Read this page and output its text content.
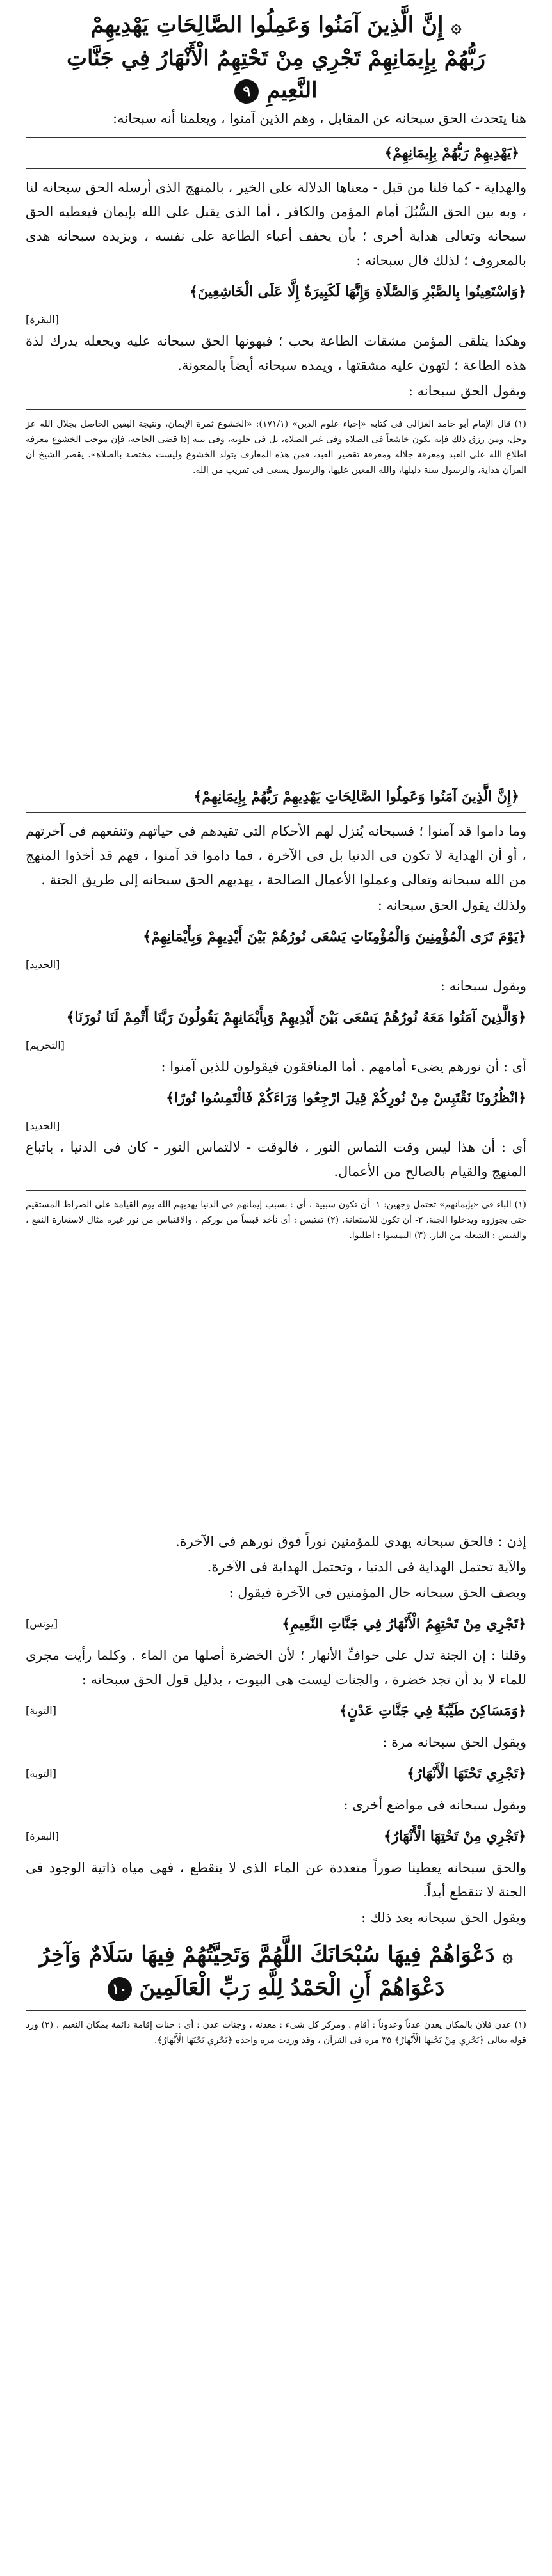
۞ إِنَّ الَّذِينَ آمَنُوا وَعَمِلُوا الصَّالِحَاتِ يَهْدِيهِمْ
رَبُّهُمْ بِإِيمَانِهِمْ تَجْرِي مِنْ تَحْتِهِمُ الْأَنْهَارُ فِي جَنَّاتِ
النَّعِيمِ ٩

هنا يتحدث الحق سبحانه عن المقابل ، وهم الذين آمنوا ، ويعلمنا أنه سبحانه:

﴿يَهْدِيهِمْ رَبُّهُمْ بِإِيمَانِهِمْ﴾

والهداية - كما قلنا من قبل - معناها الدلالة على الخير ، بالمنهج الذى أرسله الحق سبحانه لنا ، وبه بين الحق السُّبُلَ أمام المؤمن والكافر ، أما الذى يقبل على الله بإيمان فيعطيه الحق سبحانه وتعالى هداية أخرى ؛ بأن يخفف أعباء الطاعة على نفسه ، ويزيده سبحانه هدى بالمعروف ؛ لذلك قال سبحانه :

﴿وَاسْتَعِينُوا بِالصَّبْرِ وَالصَّلَاةِ وَإِنَّهَا لَكَبِيرَةٌ إِلَّا عَلَى الْخَاشِعِينَ﴾
[البقرة]

وهكذا يتلقى المؤمن مشقات الطاعة بحب ؛ فيهونها الحق سبحانه عليه ويجعله يدرك لذة هذه الطاعة ؛ لتهون عليه مشقتها ، ويمده سبحانه أيضاً بالمعونة.

ويقول الحق سبحانه :

(١) قال الإمام أبو حامد الغزالى فى كتابه «إحياء علوم الدين» (١٧١/١): «الخشوع ثمرة الإيمان، ونتيجة اليقين الحاصل بجلال الله عز وجل، ومن رزق ذلك فإنه يكون خاشعاً فى الصلاة وفى غير الصلاة، بل فى خلوته، وفى بيته إذا قضى الحاجة، فإن موجب الخشوع معرفة اطلاع الله على العبد ومعرفة جلاله ومعرفة تقصير العبد، فمن هذه المعارف يتولد الخشوع وليست مختصة بالصلاة». يقصر الشيخ أن القرآن هداية، والرسول سنة دليلها، والله المعين عليها، والرسول يسعى فى تقريب من الله.

﴿إِنَّ الَّذِينَ آمَنُوا وَعَمِلُوا الصَّالِحَاتِ يَهْدِيهِمْ رَبُّهُمْ بِإِيمَانِهِمْ﴾

وما داموا قد آمنوا ؛ فسبحانه يُنزل لهم الأحكام التى تقيدهم فى حياتهم وتنفعهم فى آخرتهم ، أو أن الهداية لا تكون فى الدنيا بل فى الآخرة ، فما داموا قد آمنوا ، فهم قد أخذوا المنهج من الله سبحانه وتعالى وعملوا الأعمال الصالحة ، يهديهم الحق سبحانه إلى طريق الجنة .

ولذلك يقول الحق سبحانه :

﴿يَوْمَ تَرَى الْمُؤْمِنِينَ وَالْمُؤْمِنَاتِ يَسْعَى نُورُهُمْ بَيْنَ أَيْدِيهِمْ وَبِأَيْمَانِهِمْ﴾
[الحديد]

ويقول سبحانه :

﴿وَالَّذِينَ آمَنُوا مَعَهُ نُورُهُمْ يَسْعَى بَيْنَ أَيْدِيهِمْ وَبِأَيْمَانِهِمْ يَقُولُونَ رَبَّنَا أَتْمِمْ لَنَا نُورَنَا﴾
[التحريم]

أى : أن نورهم يضىء أمامهم . أما المنافقون فيقولون للذين آمنوا :

﴿انْظُرُونَا نَقْتَبِسْ مِنْ نُورِكُمْ قِيلَ ارْجِعُوا وَرَاءَكُمْ فَالْتَمِسُوا نُورًا﴾
[الحديد]

أى : أن هذا ليس وقت التماس النور ، فالوقت - لالتماس النور - كان فى الدنيا ، باتباع المنهج والقيام بالصالح من الأعمال.

(١) الباء فى «بإيمانهم» تحتمل وجهين: ١- أن تكون سببية ، أى : بسبب إيمانهم فى الدنيا يهديهم الله يوم القيامة على الصراط المستقيم حتى يجوزوه ويدخلوا الجنة. ٢- أن تكون للاستعانة. (٢) تقتبس : أى نأخذ قبساً من نوركم ، والاقتباس من نور غيره مثال لاستعارة النفع ، والقبس : الشعلة من النار. (٣) التمسوا : اطلبوا.

إذن : فالحق سبحانه يهدى للمؤمنين نوراً فوق نورهم فى الآخرة.

والآية تحتمل الهداية فى الدنيا ، وتحتمل الهداية فى الآخرة.

ويصف الحق سبحانه حال المؤمنين فى الآخرة فيقول :

﴿تَجْرِي مِنْ تَحْتِهِمُ الْأَنْهَارُ فِي جَنَّاتِ النَّعِيمِ﴾
[يونس]

وقلنا : إن الجنة تدل على حوافِّ الأنهار ؛ لأن الخضرة أصلها من الماء . وكلما رأيت مجرى للماء لا بد أن تجد خضرة ، والجنات ليست هى البيوت ، بدليل قول الحق سبحانه :

﴿وَمَسَاكِنَ طَيِّبَةً فِي جَنَّاتِ عَدْنٍ﴾
[التوبة]

ويقول الحق سبحانه مرة :

﴿تَجْرِي تَحْتَهَا الْأَنْهَارُ﴾
[التوبة]

ويقول سبحانه فى مواضع أخرى :

﴿تَجْرِي مِنْ تَحْتِهَا الْأَنْهَارُ﴾
[البقرة]

والحق سبحانه يعطينا صوراً متعددة عن الماء الذى لا ينقطع ، فهى مياه ذاتية الوجود فى الجنة لا تنقطع أبداً.

ويقول الحق سبحانه بعد ذلك :

۞ دَعْوَاهُمْ فِيهَا سُبْحَانَكَ اللَّهُمَّ وَتَحِيَّتُهُمْ فِيهَا سَلَامٌ وَآخِرُ
دَعْوَاهُمْ أَنِ الْحَمْدُ لِلَّهِ رَبِّ الْعَالَمِينَ ١٠

(١) عدن فلان بالمكان يعدن عدناً وعدوناً : أقام . ومركز كل شىء : معدنه ، وجنات عدن : أى : جنات إقامة دائمة بمكان النعيم . (٢) ورد قوله تعالى ﴿تَجْرِي مِنْ تَحْتِهَا الْأَنْهَارُ﴾ ٣٥ مرة فى القرآن ، وقد وردت مرة واحدة ﴿تَجْرِي تَحْتَهَا الْأَنْهَارُ﴾.
